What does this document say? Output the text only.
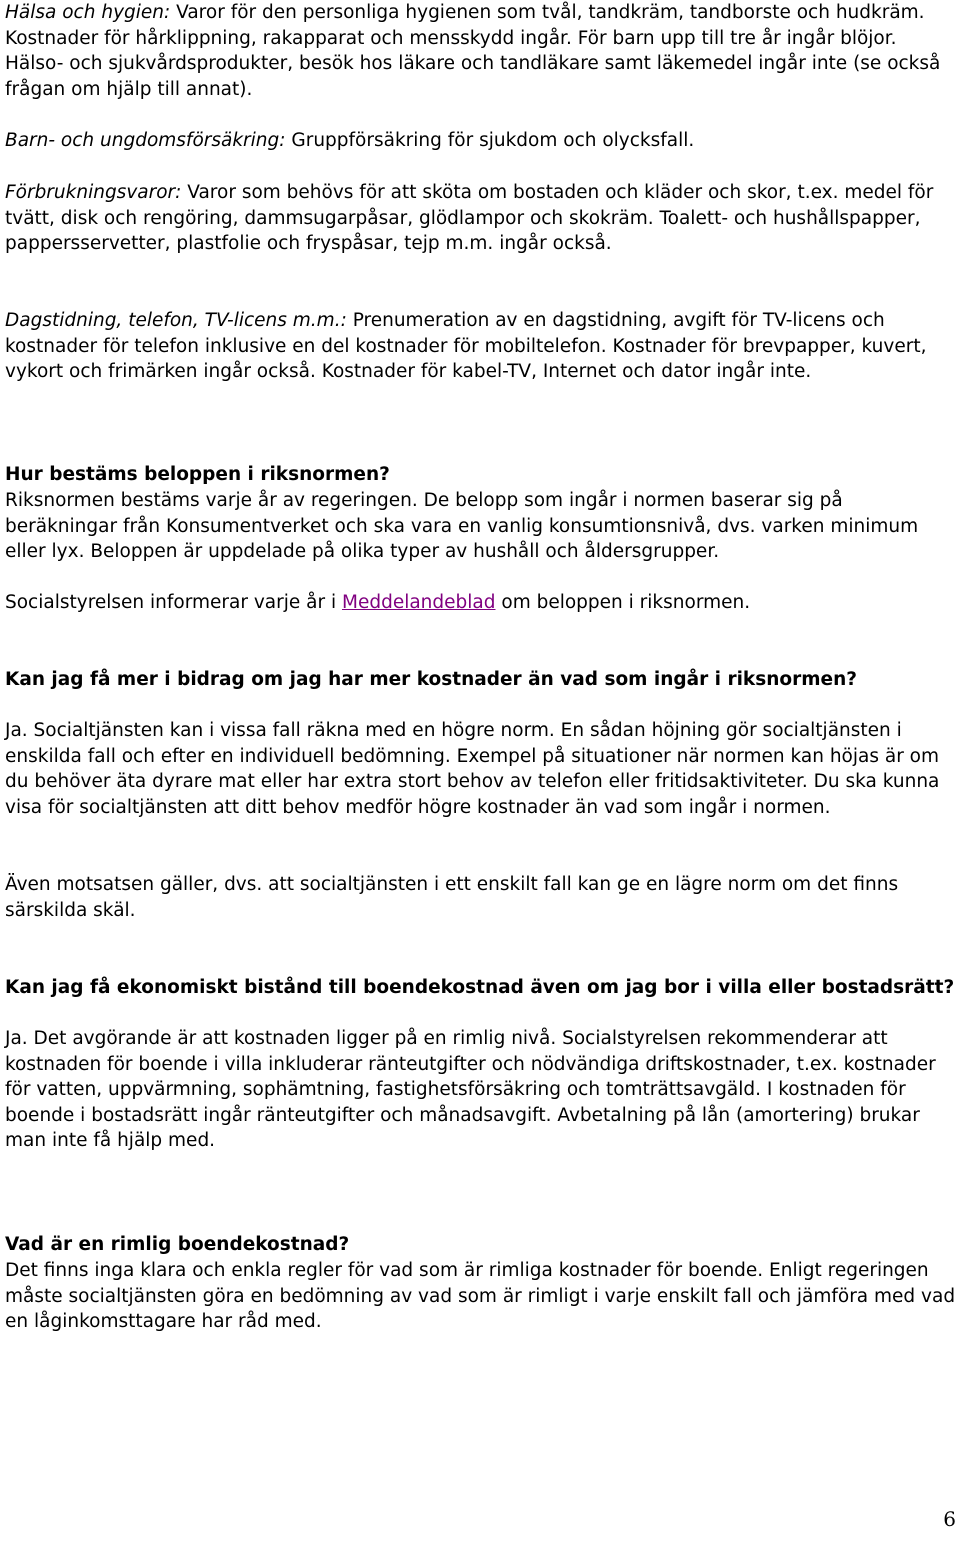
Hälsa och hygien: Varor för den personliga hygienen som tvål, tandkräm, tandborste och hudkräm. Kostnader för hårklippning, rakapparat och mensskydd ingår. För barn upp till tre år ingår blöjor. Hälso- och sjukvårdsprodukter, besök hos läkare och tandläkare samt läkemedel ingår inte (se också frågan om hjälp till annat).

Barn- och ungdomsförsäkring: Gruppförsäkring för sjukdom och olycksfall.

Förbrukningsvaror: Varor som behövs för att sköta om bostaden och kläder och skor, t.ex. medel för tvätt, disk och rengöring, dammsugarpåsar, glödlampor och skokräm. Toalett- och hushållspapper, pappersservetter, plastfolie och fryspåsar, tejp m.m. ingår också.

Dagstidning, telefon, TV-licens m.m.: Prenumeration av en dagstidning, avgift för TV-licens och kostnader för telefon inklusive en del kostnader för mobiltelefon. Kostnader för brevpapper, kuvert, vykort och frimärken ingår också. Kostnader för kabel-TV, Internet och dator ingår inte.

Hur bestäms beloppen i riksnormen?

Riksnormen bestäms varje år av regeringen. De belopp som ingår i normen baserar sig på beräkningar från Konsumentverket och ska vara en vanlig konsumtionsnivå, dvs. varken minimum eller lyx. Beloppen är uppdelade på olika typer av hushåll och åldersgrupper.

Socialstyrelsen informerar varje år i Meddelandeblad om beloppen i riksnormen.

Kan jag få mer i bidrag om jag har mer kostnader än vad som ingår i riksnormen?

Ja. Socialtjänsten kan i vissa fall räkna med en högre norm. En sådan höjning gör socialtjänsten i enskilda fall och efter en individuell bedömning. Exempel på situationer när normen kan höjas är om du behöver äta dyrare mat eller har extra stort behov av telefon eller fritidsaktiviteter. Du ska kunna visa för socialtjänsten att ditt behov medför högre kostnader än vad som ingår i normen.

Även motsatsen gäller, dvs. att socialtjänsten i ett enskilt fall kan ge en lägre norm om det finns särskilda skäl.

Kan jag få ekonomiskt bistånd till boendekostnad även om jag bor i villa eller bostadsrätt?

Ja. Det avgörande är att kostnaden ligger på en rimlig nivå. Socialstyrelsen rekommenderar att kostnaden för boende i villa inkluderar ränteutgifter och nödvändiga driftskostnader, t.ex. kostnader för vatten, uppvärmning, sophämtning, fastighetsförsäkring och tomträttsavgäld. I kostnaden för boende i bostadsrätt ingår ränteutgifter och månadsavgift. Avbetalning på lån (amortering) brukar man inte få hjälp med.

Vad är en rimlig boendekostnad?

Det finns inga klara och enkla regler för vad som är rimliga kostnader för boende. Enligt regeringen måste socialtjänsten göra en bedömning av vad som är rimligt i varje enskilt fall och jämföra med vad en låginkomsttagare har råd med.

6
